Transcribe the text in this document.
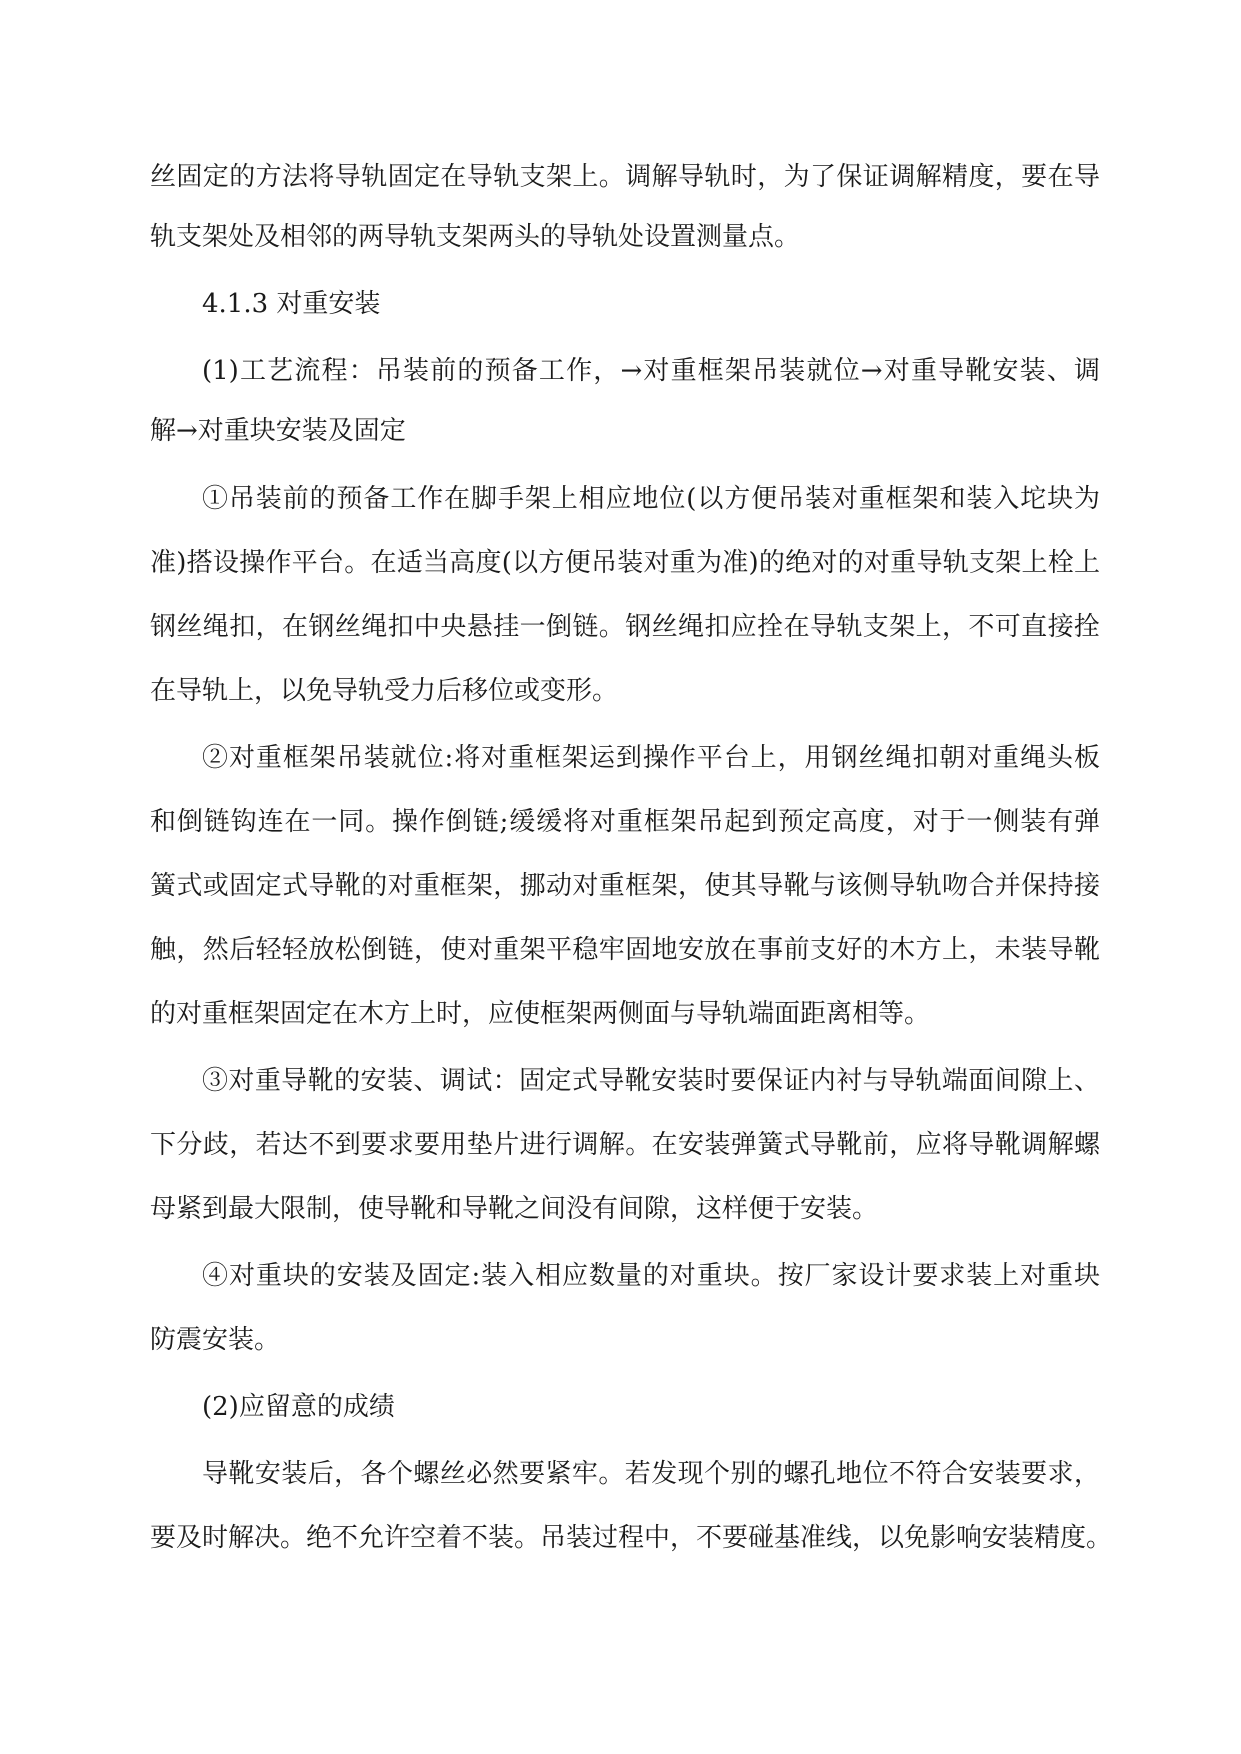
丝固定的方法将导轨固定在导轨支架上。调解导轨时，为了保证调解精度，要在导
轨支架处及相邻的两导轨支架两头的导轨处设置测量点。
4.1.3 对重安装
(1)工艺流程：吊装前的预备工作，→对重框架吊装就位→对重导靴安装、调
解→对重块安装及固定
①吊装前的预备工作在脚手架上相应地位(以方便吊装对重框架和装入坨块为
准)搭设操作平台。在适当高度(以方便吊装对重为准)的绝对的对重导轨支架上栓上
钢丝绳扣，在钢丝绳扣中央悬挂一倒链。钢丝绳扣应拴在导轨支架上，不可直接拴
在导轨上，以免导轨受力后移位或变形。
②对重框架吊装就位:将对重框架运到操作平台上，用钢丝绳扣朝对重绳头板
和倒链钩连在一同。操作倒链;缓缓将对重框架吊起到预定高度，对于一侧装有弹
簧式或固定式导靴的对重框架，挪动对重框架，使其导靴与该侧导轨吻合并保持接
触，然后轻轻放松倒链，使对重架平稳牢固地安放在事前支好的木方上，未装导靴
的对重框架固定在木方上时，应使框架两侧面与导轨端面距离相等。
③对重导靴的安装、调试：固定式导靴安装时要保证内衬与导轨端面间隙上、
下分歧，若达不到要求要用垫片进行调解。在安装弹簧式导靴前，应将导靴调解螺
母紧到最大限制，使导靴和导靴之间没有间隙，这样便于安装。
④对重块的安装及固定:装入相应数量的对重块。按厂家设计要求装上对重块
防震安装。
(2)应留意的成绩
导靴安装后，各个螺丝必然要紧牢。若发现个别的螺孔地位不符合安装要求，
要及时解决。绝不允许空着不装。吊装过程中，不要碰基准线，以免影响安装精度。
